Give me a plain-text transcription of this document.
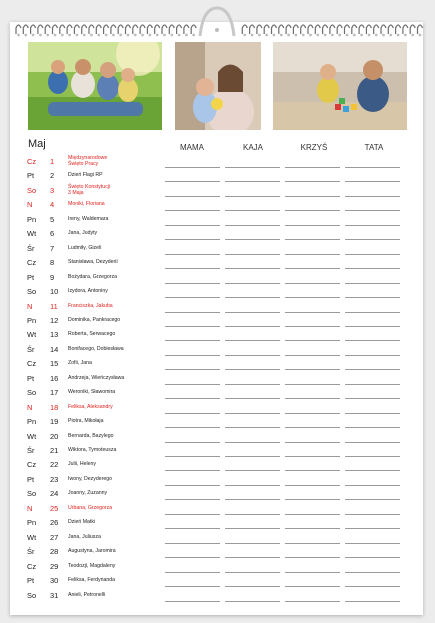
Maj	MAMA	KAJA	KRZYŚ	TATA
Cz 1	Międzynarodowe
Święto Pracy
Pt 2	Dzień Flagi RP
So 3	Święto Konstytucji
3 Maja
N 4	Moniki, Floriana
Pn 5	Ireny, Waldemara
Wt 6	Jana, Judyty
Śr 7	Ludmiły, Gizeli
Cz 8	Stanisława, Dezyderii
Pt 9	Bożydara, Grzegorza
So 10 Izydora, Antoniny
N 11 Franciszka, Jakuba
Pn 12 Dominika, Pankracego
Wt 13 Roberta, Serwacego
Śr 14 Bonifacego, Dobiesława
Cz 15 Zofii, Jana
Pt 16 Andrzeja, Wieńczysława
So 17 Weroniki, Sławomira
N 18 Feliksa, Aleksandry
Pn 19 Piotra, Mikołaja
Wt 20 Bernarda, Bazylego
Śr 21 Wiktora, Tymoteusza
Cz 22 Julii, Heleny
Pt 23 Iwony, Dezyderego
So 24 Joanny, Zuzanny
N 25 Urbana, Grzegorza
Pn 26 Dzień Matki
Wt 27 Jana, Juliusza
Śr 28 Augustyna, Jaromira
Cz 29 Teodozji, Magdaleny
Pt 30 Feliksa, Ferdynanda
So 31 Anieli, Petronelli
